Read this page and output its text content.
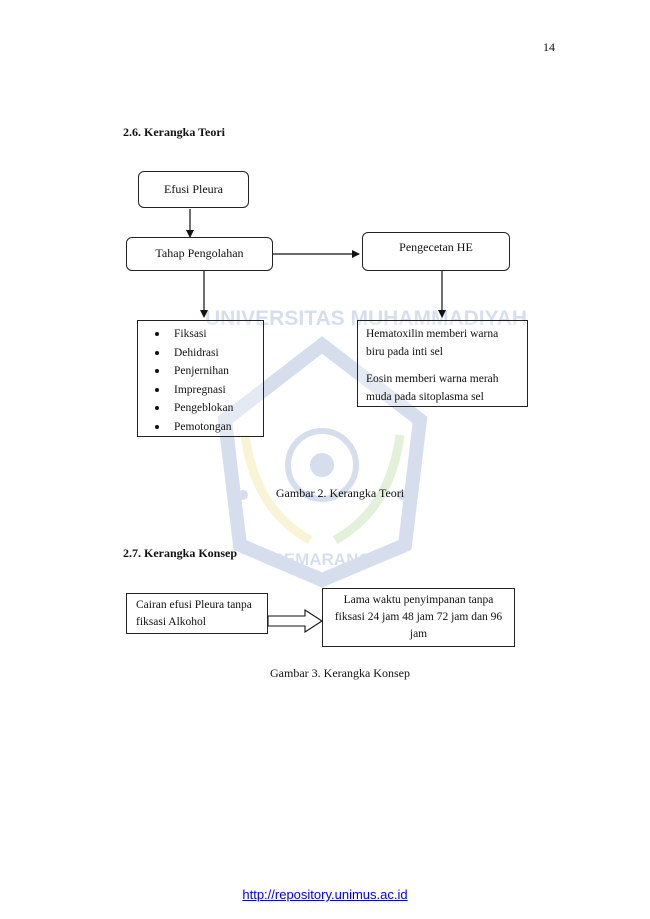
14
2.6. Kerangka Teori
UNIVERSITAS MUHAMMADIYAH
SEMARANG
Efusi Pleura
Tahap Pengolahan	Pengecetan HE
Fiksasi
Dehidrasi
Penjernihan
Impregnasi
Pengeblokan
Pemotongan

Hematoxilin memberi warna biru pada inti sel

Eosin memberi warna merah muda pada sitoplasma sel

Gambar 2. Kerangka Teori
2.7. Kerangka Konsep
Cairan efusi Pleura tanpa fiksasi Alkohol
Lama waktu penyimpanan tanpa fiksasi 24 jam 48 jam 72 jam dan 96 jam
Gambar 3. Kerangka Konsep
http://repository.unimus.ac.id
